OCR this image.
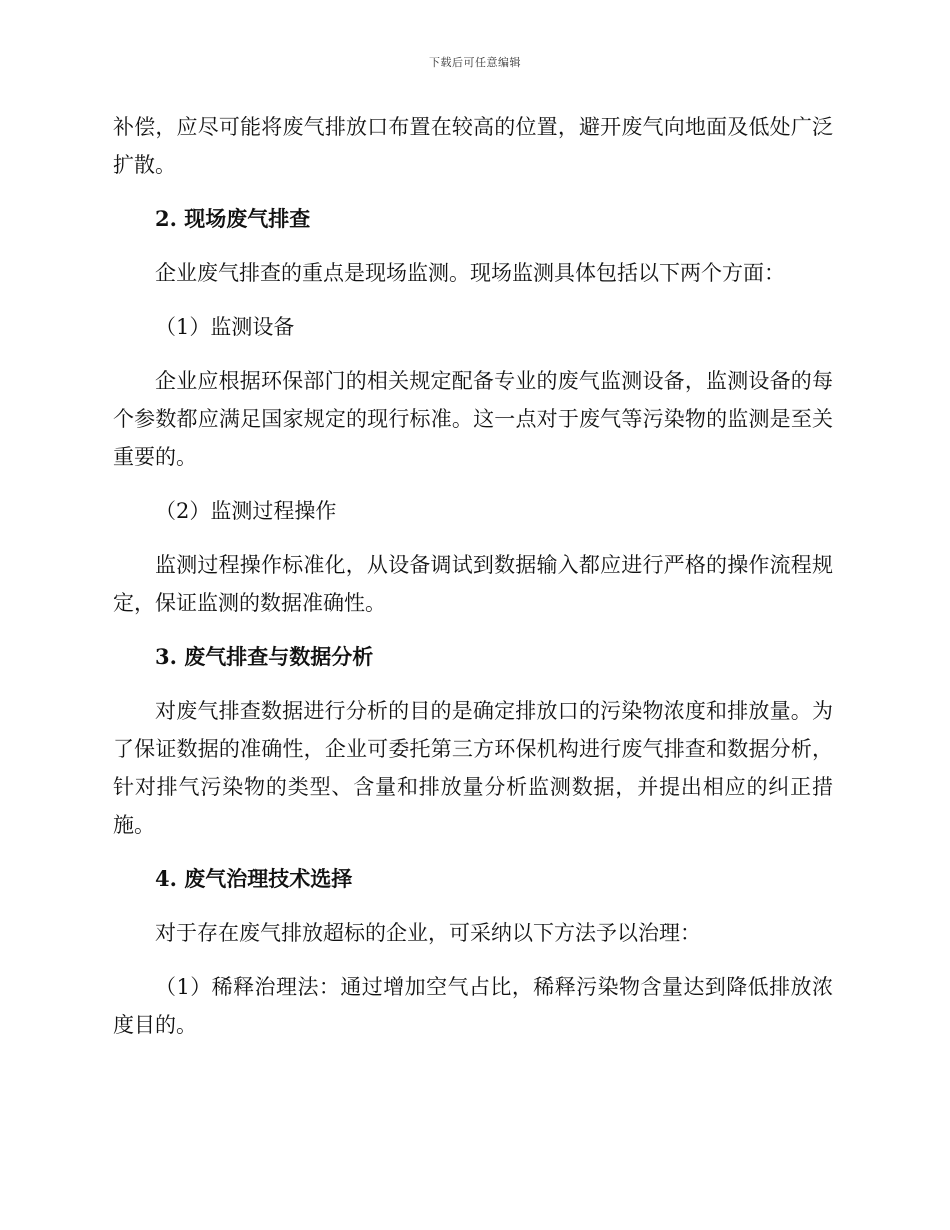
下载后可任意编辑

补偿，应尽可能将废气排放口布置在较高的位置，避开废气向地面及低处广泛扩散。

2. 现场废气排查

企业废气排查的重点是现场监测。现场监测具体包括以下两个方面：

（1）监测设备

企业应根据环保部门的相关规定配备专业的废气监测设备，监测设备的每个参数都应满足国家规定的现行标准。这一点对于废气等污染物的监测是至关重要的。

（2）监测过程操作

监测过程操作标准化，从设备调试到数据输入都应进行严格的操作流程规定，保证监测的数据准确性。

3. 废气排查与数据分析

对废气排查数据进行分析的目的是确定排放口的污染物浓度和排放量。为了保证数据的准确性，企业可委托第三方环保机构进行废气排查和数据分析，针对排气污染物的类型、含量和排放量分析监测数据，并提出相应的纠正措施。

4. 废气治理技术选择

对于存在废气排放超标的企业，可采纳以下方法予以治理：

（1）稀释治理法：通过增加空气占比，稀释污染物含量达到降低排放浓度目的。
